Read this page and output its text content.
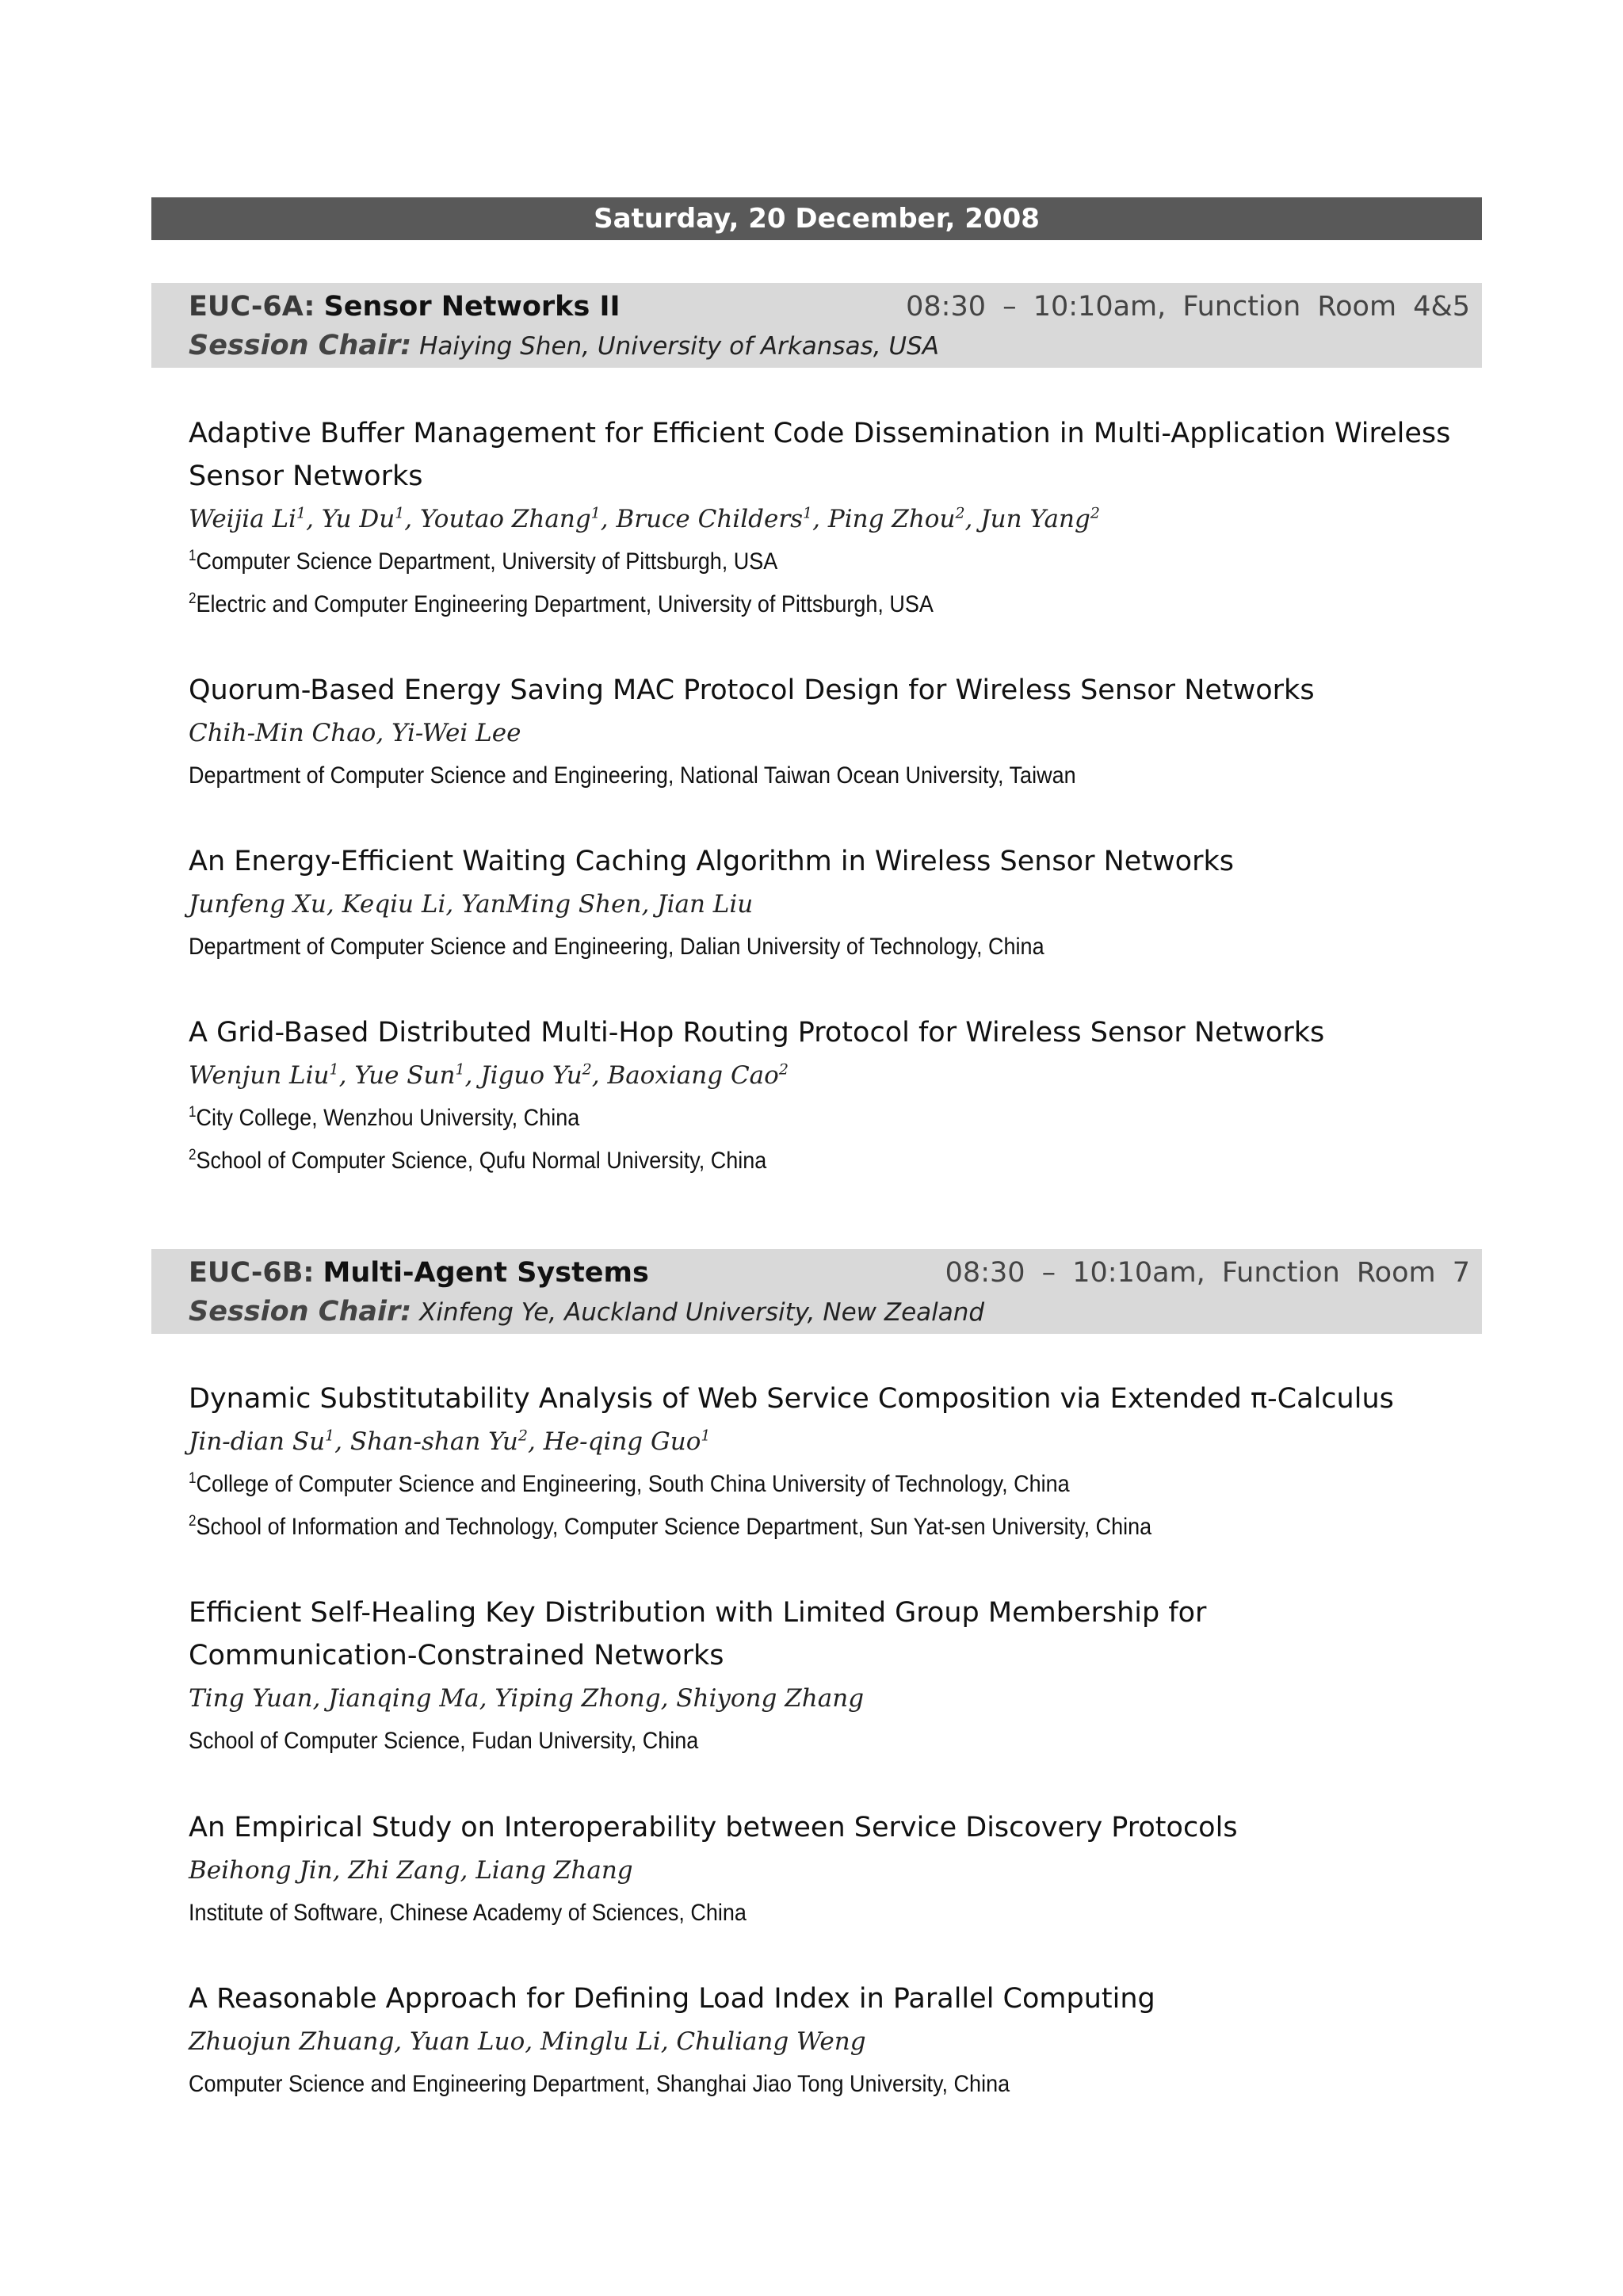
Saturday, 20 December, 2008
EUC-6A: Sensor Networks II	08:30 – 10:10am, Function Room 4&5
Session Chair: Haiying Shen, University of Arkansas, USA

Adaptive Buffer Management for Efficient Code Dissemination in Multi-Application Wireless

Sensor Networks

Weijia Li$^1$, Yu Du$^1$, Youtao Zhang$^1$, Bruce Childers$^1$, Ping Zhou$^2$, Jun Yang$^2$

$^1$Computer Science Department, University of Pittsburgh, USA

$^2$Electric and Computer Engineering Department, University of Pittsburgh, USA

Quorum-Based Energy Saving MAC Protocol Design for Wireless Sensor Networks

Chih-Min Chao, Yi-Wei Lee

Department of Computer Science and Engineering, National Taiwan Ocean University, Taiwan

An Energy-Efficient Waiting Caching Algorithm in Wireless Sensor Networks

Junfeng Xu, Keqiu Li, YanMing Shen, Jian Liu

Department of Computer Science and Engineering, Dalian University of Technology, China

A Grid-Based Distributed Multi-Hop Routing Protocol for Wireless Sensor Networks

Wenjun Liu$^1$, Yue Sun$^1$, Jiguo Yu$^2$, Baoxiang Cao$^2$

$^1$City College, Wenzhou University, China

$^2$School of Computer Science, Qufu Normal University, China

EUC-6B: Multi-Agent Systems	08:30 – 10:10am, Function Room 7
Session Chair: Xinfeng Ye, Auckland University, New Zealand

Dynamic Substitutability Analysis of Web Service Composition via Extended π-Calculus

Jin-dian Su$^1$, Shan-shan Yu$^2$, He-qing Guo$^1$

$^1$College of Computer Science and Engineering, South China University of Technology, China

$^2$School of Information and Technology, Computer Science Department, Sun Yat-sen University, China

Efficient Self-Healing Key Distribution with Limited Group Membership for

Communication-Constrained Networks

Ting Yuan, Jianqing Ma, Yiping Zhong, Shiyong Zhang

School of Computer Science, Fudan University, China

An Empirical Study on Interoperability between Service Discovery Protocols

Beihong Jin, Zhi Zang, Liang Zhang

Institute of Software, Chinese Academy of Sciences, China

A Reasonable Approach for Defining Load Index in Parallel Computing

Zhuojun Zhuang, Yuan Luo, Minglu Li, Chuliang Weng

Computer Science and Engineering Department, Shanghai Jiao Tong University, China
